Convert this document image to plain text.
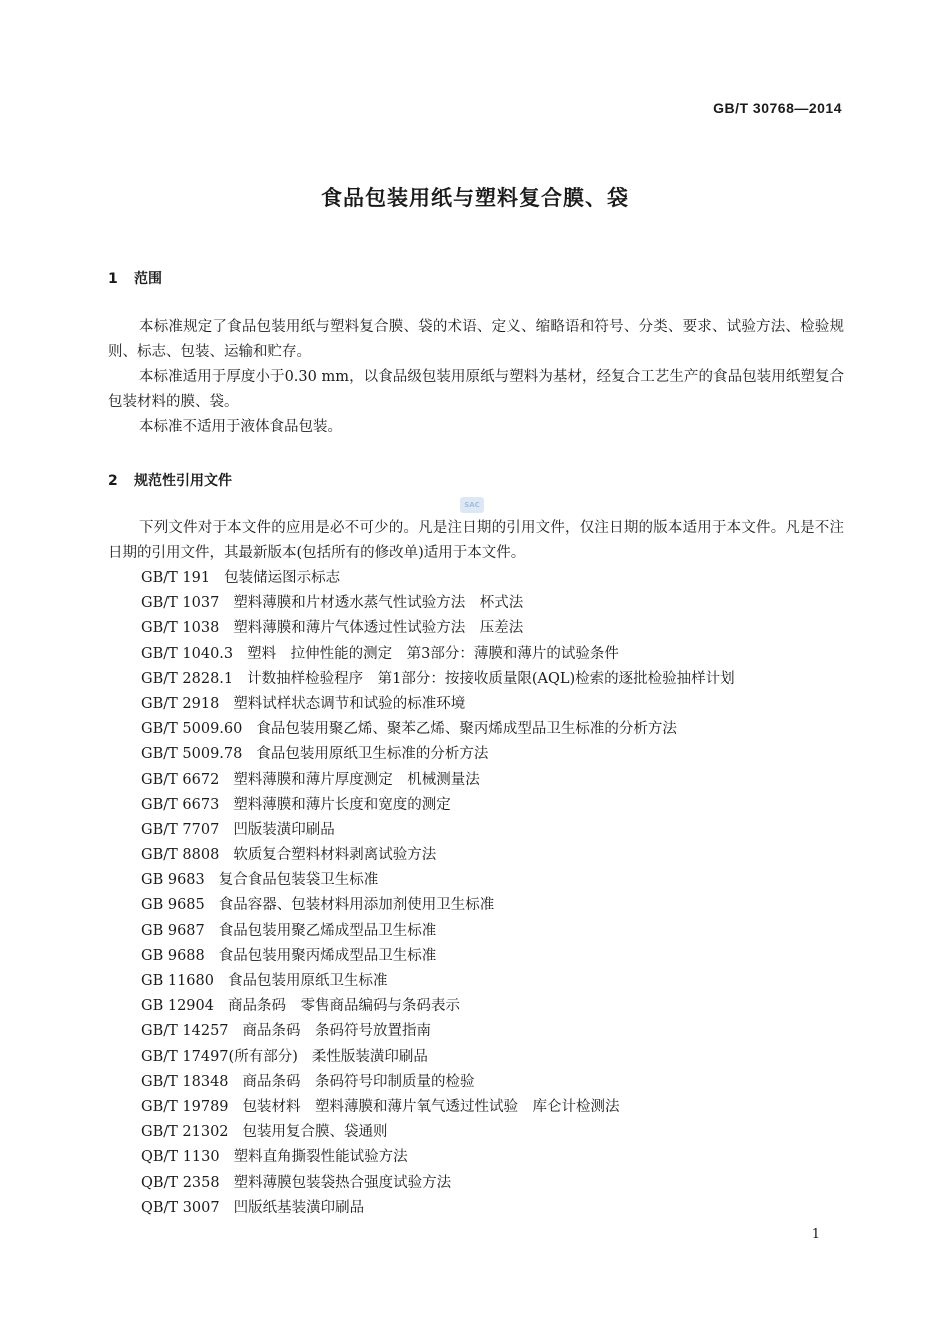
GB/T 30768—2014
食品包装用纸与塑料复合膜、袋
1 范围

本标准规定了食品包装用纸与塑料复合膜、袋的术语、定义、缩略语和符号、分类、要求、试验方法、检验规则、标志、包装、运输和贮存。

本标准适用于厚度小于0.30 mm，以食品级包装用原纸与塑料为基材，经复合工艺生产的食品包装用纸塑复合包装材料的膜、袋。

本标准不适用于液体食品包装。

2 规范性引用文件
SAC

下列文件对于本文件的应用是必不可少的。凡是注日期的引用文件，仅注日期的版本适用于本文件。凡是不注日期的引用文件，其最新版本(包括所有的修改单)适用于本文件。

GB/T 191 包装储运图示标志
GB/T 1037 塑料薄膜和片材透水蒸气性试验方法　杯式法
GB/T 1038 塑料薄膜和薄片气体透过性试验方法　压差法
GB/T 1040.3 塑料　拉伸性能的测定　第3部分：薄膜和薄片的试验条件
GB/T 2828.1 计数抽样检验程序　第1部分：按接收质量限(AQL)检索的逐批检验抽样计划
GB/T 2918 塑料试样状态调节和试验的标准环境
GB/T 5009.60 食品包装用聚乙烯、聚苯乙烯、聚丙烯成型品卫生标准的分析方法
GB/T 5009.78 食品包装用原纸卫生标准的分析方法
GB/T 6672 塑料薄膜和薄片厚度测定　机械测量法
GB/T 6673 塑料薄膜和薄片长度和宽度的测定
GB/T 7707 凹版装潢印刷品
GB/T 8808 软质复合塑料材料剥离试验方法
GB 9683 复合食品包装袋卫生标准
GB 9685 食品容器、包装材料用添加剂使用卫生标准
GB 9687 食品包装用聚乙烯成型品卫生标准
GB 9688 食品包装用聚丙烯成型品卫生标准
GB 11680 食品包装用原纸卫生标准
GB 12904 商品条码　零售商品编码与条码表示
GB/T 14257 商品条码　条码符号放置指南
GB/T 17497(所有部分) 柔性版装潢印刷品
GB/T 18348 商品条码　条码符号印制质量的检验
GB/T 19789 包装材料　塑料薄膜和薄片氧气透过性试验　库仑计检测法
GB/T 21302 包装用复合膜、袋通则
QB/T 1130 塑料直角撕裂性能试验方法
QB/T 2358 塑料薄膜包装袋热合强度试验方法
QB/T 3007 凹版纸基装潢印刷品
1
